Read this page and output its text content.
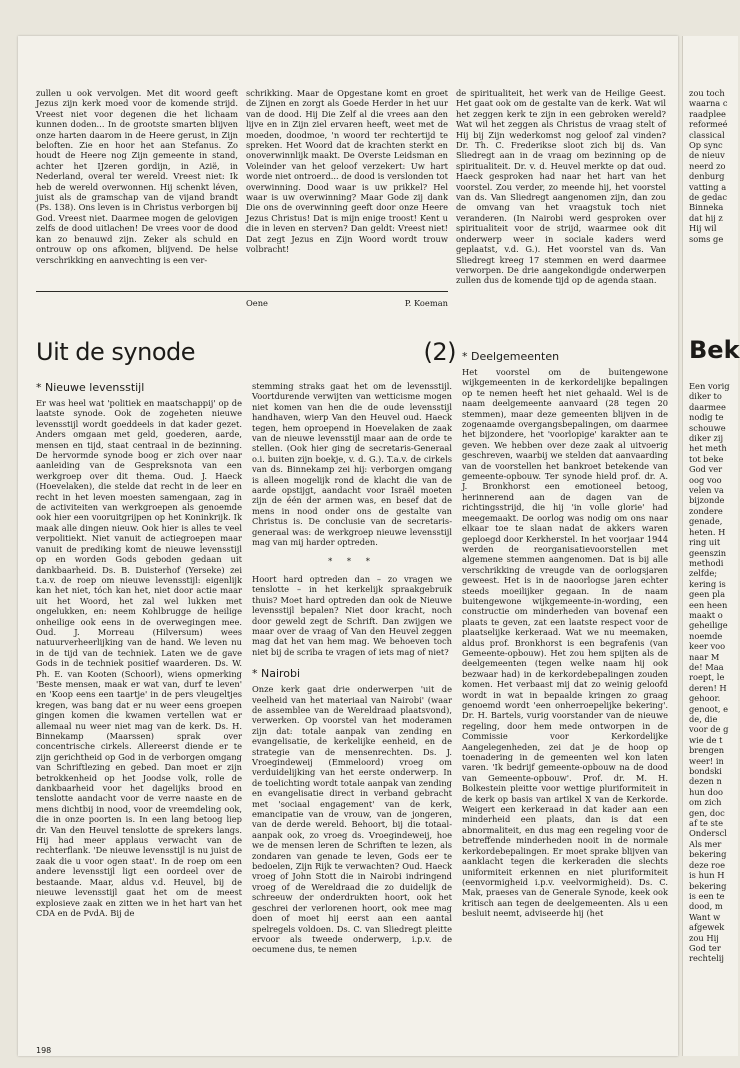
zullen u ook vervolgen. Met dit woord geeft Jezus zijn kerk moed voor de komende strijd. Vreest niet voor degenen die het lichaam kunnen doden... In de grootste smarten blijven onze harten daarom in de Heere gerust, in Zijn beloften. Zie en hoor het aan Stefanus. Zo houdt de Heere nog Zijn gemeente in stand, achter het IJzeren gordijn, in Azië, in Nederland, overal ter wereld. Vreest niet: Ik heb de wereld overwonnen. Hij schenkt léven, juist als de gramschap van de vijand brandt (Ps. 138). Ons leven is in Christus verborgen bij God. Vreest niet. Daarmee mogen de gelovigen zelfs de dood uitlachen! De vrees voor de dood kan zo benauwd zijn. Zeker als schuld en ontrouw op ons afkomen, blijvend. De helse verschrikking en aanvechting is een ver-
schrikking. Maar de Opgestane komt en groet de Zijnen en zorgt als Goede Herder in het uur van de dood. Hij Die Zelf al die vrees aan den lijve en in Zijn ziel ervaren heeft, weet met de moeden, doodmoe, 'n woord ter rechtertijd te spreken. Het Woord dat de krachten sterkt en onoverwinnlijk maakt. De Overste Leidsman en Voleinder van het geloof verzekert: Uw hart worde niet ontroerd... de dood is verslonden tot overwinning. Dood waar is uw prikkel? Hel waar is uw overwinning? Maar Gode zij dank Die ons de overwinning geeft door onze Heere Jezus Christus! Dat is mijn enige troost! Kent u die in leven en sterven? Dan geldt: Vreest niet! Dat zegt Jezus en Zijn Woord wordt trouw volbracht!
de spiritualiteit, het werk van de Heilige Geest. Het gaat ook om de gestalte van de kerk. Wat wil het zeggen kerk te zijn in een gebroken wereld? Wat wil het zeggen als Christus de vraag stelt of Hij bij Zijn wederkomst nog geloof zal vinden? Dr. Th. C. Frederikse sloot zich bij ds. Van Sliedregt aan in de vraag om bezinning op de spiritualiteit. Dr. v. d. Heuvel merkte op dat oud. Haeck gesproken had naar het hart van het voorstel. Zou verder, zo meende hij, het voorstel van ds. Van Sliedregt aangenomen zijn, dan zou de omvang van het vraagstuk toch niet veranderen. (In Nairobi werd gesproken over spiritualiteit voor de strijd, waarmee ook dit onderwerp weer in sociale kaders werd geplaatst, v.d. G.). Het voorstel van ds. Van Sliedregt kreeg 17 stemmen en werd daarmee verworpen. De drie aangekondigde onderwerpen zullen dus de komende tijd op de agenda staan.
Oene	P. Koeman
Uit de synode	(2)
* Nieuwe levensstijl

Er was heel wat 'politiek en maatschappij' op de laatste synode. Ook de zogeheten nieuwe levensstijl wordt goeddeels in dat kader gezet. Anders omgaan met geld, goederen, aarde, mensen en tijd, staat centraal in de bezinning. De hervormde synode boog er zich over naar aanleiding van de Gespreksnota van een werkgroep over dit thema. Oud. J. Haeck (Hoevelaken), die stelde dat recht in de leer en recht in het leven moesten samengaan, zag in de activiteiten van werkgroepen als genoemde ook hier een vooruitgrijpen op het Koninkrijk. Ik maak alle dingen nieuw. Ook hier is alles te veel verpolitiekt. Niet vanuit de actiegroepen maar vanuit de prediking komt de nieuwe levensstijl op en worden Gods geboden gedaan uit dankbaarheid. Ds. B. Duisterhof (Yerseke) zei t.a.v. de roep om nieuwe levensstijl: eigenlijk kan het niet, tóch kan het, niet door actie maar uit het Woord, het zal wel lukken met ongelukken, en: neem Kohlbrugge de heilige onheilige ook eens in de overwegingen mee. Oud. J. Morreau (Hilversum) wees natuurverheerlijking van de hand. We leven nu in de tijd van de techniek. Laten we de gave Gods in de techniek positief waarderen. Ds. W. Ph. E. van Kooten (Schoorl), wiens opmerking 'Beste mensen, maak er wat van, durf te leven' en 'Koop eens een taartje' in de pers vleugeltjes kregen, was bang dat er nu weer eens groepen gingen komen die kwamen vertellen wat er allemaal nu weer niet mag van de kerk. Ds. H. Binnekamp (Maarssen) sprak over concentrische cirkels. Allereerst diende er te zijn gerichtheid op God in de verborgen omgang van Schriftlezing en gebed. Dan moet er zijn betrokkenheid op het Joodse volk, rolle de dankbaarheid voor het dagelijks brood en tenslotte aandacht voor de verre naaste en de mens dichtbij in nood, voor de vreemdeling ook, die in onze poorten is. In een lang betoog liep dr. Van den Heuvel tenslotte de sprekers langs. Hij had meer applaus verwacht van de rechterflank. 'De nieuwe levensstijl is nu juist de zaak die u voor ogen staat'. In de roep om een andere levensstijl ligt een oordeel over de bestaande. Maar, aldus v.d. Heuvel, bij de nieuwe levensstijl gaat het om de meest explosieve zaak en zitten we in het hart van het CDA en de PvdA. Bij de

stemming straks gaat het om de levensstijl. Voortdurende verwijten van wetticisme mogen niet komen van hen die de oude levensstijl handhaven, wierp Van den Heuvel oud. Haeck tegen, hem oproepend in Hoevelaken de zaak van de nieuwe levensstijl maar aan de orde te stellen. (Ook hier ging de secretaris-Generaal o.i. buiten zijn boekje, v. d. G.). T.a.v. de cirkels van ds. Binnekamp zei hij: verborgen omgang is alleen mogelijk rond de klacht die van de aarde opstijgt, aandacht voor Israël moeten zijn de één der armen was, en besef dat de mens in nood onder ons de gestalte van Christus is. De conclusie van de secretaris-generaal was: de werkgroep nieuwe levensstijl mag van mij harder optreden.

* * *

Hoort hard optreden dan – zo vragen we tenslotte – in het kerkelijk spraakgebruik thuis? Moet hard optreden dan ook de Nieuwe levensstijl bepalen? Niet door kracht, noch door geweld zegt de Schrift. Dan zwijgen we maar over de vraag of Van den Heuvel zeggen mag dat het van hem mag. We behoeven toch niet bij de scriba te vragen of iets mag of niet?

* Nairobi

Onze kerk gaat drie onderwerpen 'uit de veelheid van het materiaal van Nairobi' (waar de assemblee van de Wereldraad plaatsvond), verwerken. Op voorstel van het moderamen zijn dat: totale aanpak van zending en evangelisatie, de kerkelijke eenheid, en de strategie van de mensenrechten. Ds. J. Vroegindeweij (Emmeloord) vroeg om verduidelijking van het eerste onderwerp. In de toelichting wordt totale aanpak van zending en evangelisatie direct in verband gebracht met 'sociaal engagement' van de kerk, emancipatie van de vrouw, van de jongeren, van de derde wereld. Behoort, bij die totaal-aanpak ook, zo vroeg ds. Vroegindeweij, hoe we de mensen leren de Schriften te lezen, als zondaren van genade te leven, Gods eer te bedoelen, Zijn Rijk te verwachten? Oud. Haeck vroeg of John Stott die in Nairobi indringend vroeg of de Wereldraad die zo duidelijk de schreeuw der onderdrukten hoort, ook het geschrei der verlorenen hoort, ook mee mag doen of moet hij eerst aan een aantal spelregels voldoen. Ds. C. van Sliedregt pleitte ervoor als tweede onderwerp, i.p.v. de oecumene dus, te nemen

* Deelgemeenten

Het voorstel om de buitengewone wijkgemeenten in de kerkordelijke bepalingen op te nemen heeft het niet gehaald. Wel is de naam deelgemeente aanvaard (28 tegen 20 stemmen), maar deze gemeenten blijven in de zogenaamde overgangsbepalingen, om daarmee het bijzondere, het 'voorlopige' karakter aan te geven. We hebben over deze zaak al uitvoerig geschreven, waarbij we stelden dat aanvaarding van de voorstellen het bankroet betekende van gemeente-opbouw. Ter synode hield prof. dr. A. J. Bronkhorst een emotioneel betoog, herinnerend aan de dagen van de richtingsstrijd, die hij 'in volle glorie' had meegemaakt. De oorlog was nodig om ons naar elkaar toe te slaan nadat de akkers waren geploegd door Kerkherstel. In het voorjaar 1944 werden de reorganisatievoorstellen met algemene stemmen aangenomen. Dat is bij alle verschrikking de vreugde van de oorlogsjaren geweest. Het is in de naoorlogse jaren echter steeds moeilijker gegaan. In de naam buitengewone wijkgemeente-in-wording, een constructie om minderheden van bovenaf een plaats te geven, zat een laatste respect voor de plaatselijke kerkeraad. Wat we nu meemaken, aldus prof. Bronkhorst is een begrafenis (van Gemeente-opbouw). Het zou hem spijten als de deelgemeenten (tegen welke naam hij ook bezwaar had) in de kerkordebepalingen zouden komen. Het verbaast mij dat zo weinig geloofd wordt in wat in bepaalde kringen zo graag genoemd wordt 'een onherroepelijke bekering'. Dr. H. Bartels, vurig voorstander van de nieuwe regeling, door hem mede ontworpen in de Commissie voor Kerkordelijke Aangelegenheden, zei dat je de hoop op toenadering in de gemeenten wel kon laten varen. 'Ik bedrijf gemeente-opbouw na de dood van Gemeente-opbouw'. Prof. dr. M. H. Bolkestein pleitte voor wettige pluriformiteit in de kerk op basis van artikel X van de Kerkorde. Weigert een kerkeraad in dat kader aan een minderheid een plaats, dan is dat een abnormaliteit, en dus mag een regeling voor de betreffende minderheden nooit in de normale kerkordebepalingen. Er moet sprake blijven van aanklacht tegen die kerkeraden die slechts uniformiteit erkennen en niet pluriformiteit (eenvormigheid i.p.v. veelvormigheid). Ds. C. Mak, praeses van de Generale Synode, keek ook kritisch aan tegen de deelgemeenten. Als u een besluit neemt, adviseerde hij (het

198
zou toch
waarna c
raadplee
reformeé
classical
Op sync
de nieuv
neerd zo
denburg
vatting a
de gedac
Binneka
dat hij z
Hij wil
soms ge
Bek
Een vorig
diker to
daarmee
nodig te
schouwe
diker zij
het meth
tot beke
God ver
oog voo
velen va
bijzonde
zondere
genade,
heten. H
ring uit
geenszin
methodi
zelfde;
kering is
geen pla
een heen
maakt o
geheilige
noemde
keer voo
naar M
de! Maa
roept, le
deren! H
gehoor.
genoot, e
de, die
voor de g
wie de t
brengen
weer! in
bondski
dezen n
hun doo
om zich
gen, doc
af te ste
Onderscl
Als mer
bekering
deze roe
is hun H
bekering
is een te
dood, m
Want w
afgewek
zou Hij
God ter
rechtelij
